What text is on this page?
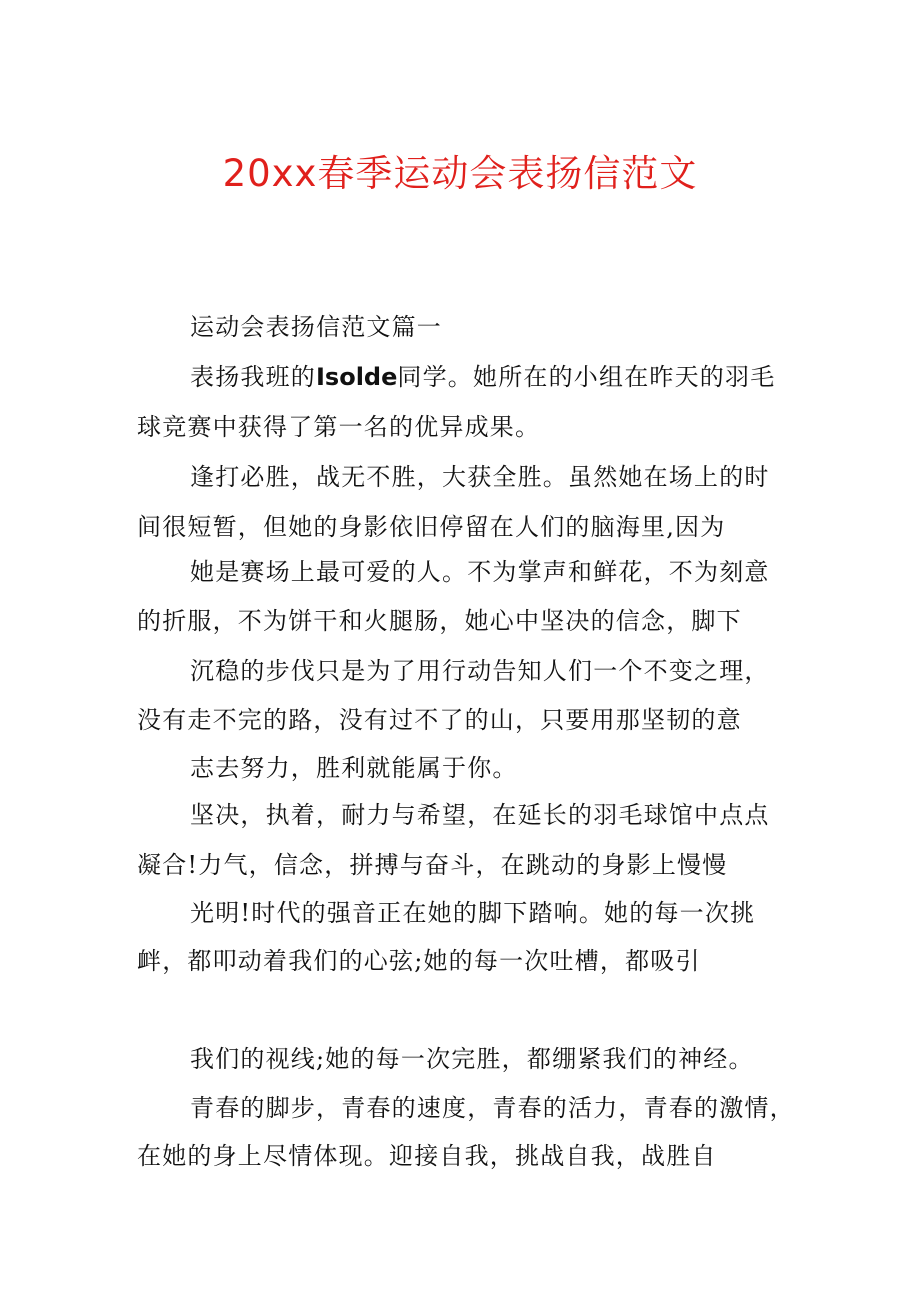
20xx春季运动会表扬信范文
运动会表扬信范文篇一
表扬我班的Isolde同学。她所在的小组在昨天的羽毛
球竞赛中获得了第一名的优异成果。
逢打必胜，战无不胜，大获全胜。虽然她在场上的时
间很短暂，但她的身影依旧停留在人们的脑海里,因为
她是赛场上最可爱的人。不为掌声和鲜花，不为刻意
的折服，不为饼干和火腿肠，她心中坚决的信念，脚下
沉稳的步伐只是为了用行动告知人们一个不变之理，
没有走不完的路，没有过不了的山，只要用那坚韧的意
志去努力，胜利就能属于你。
坚决，执着，耐力与希望，在延长的羽毛球馆中点点
凝合!力气，信念，拼搏与奋斗，在跳动的身影上慢慢
光明!时代的强音正在她的脚下踏响。她的每一次挑
衅，都叩动着我们的心弦;她的每一次吐槽，都吸引
我们的视线;她的每一次完胜，都绷紧我们的神经。
青春的脚步，青春的速度，青春的活力，青春的激情，
在她的身上尽情体现。迎接自我，挑战自我，战胜自
